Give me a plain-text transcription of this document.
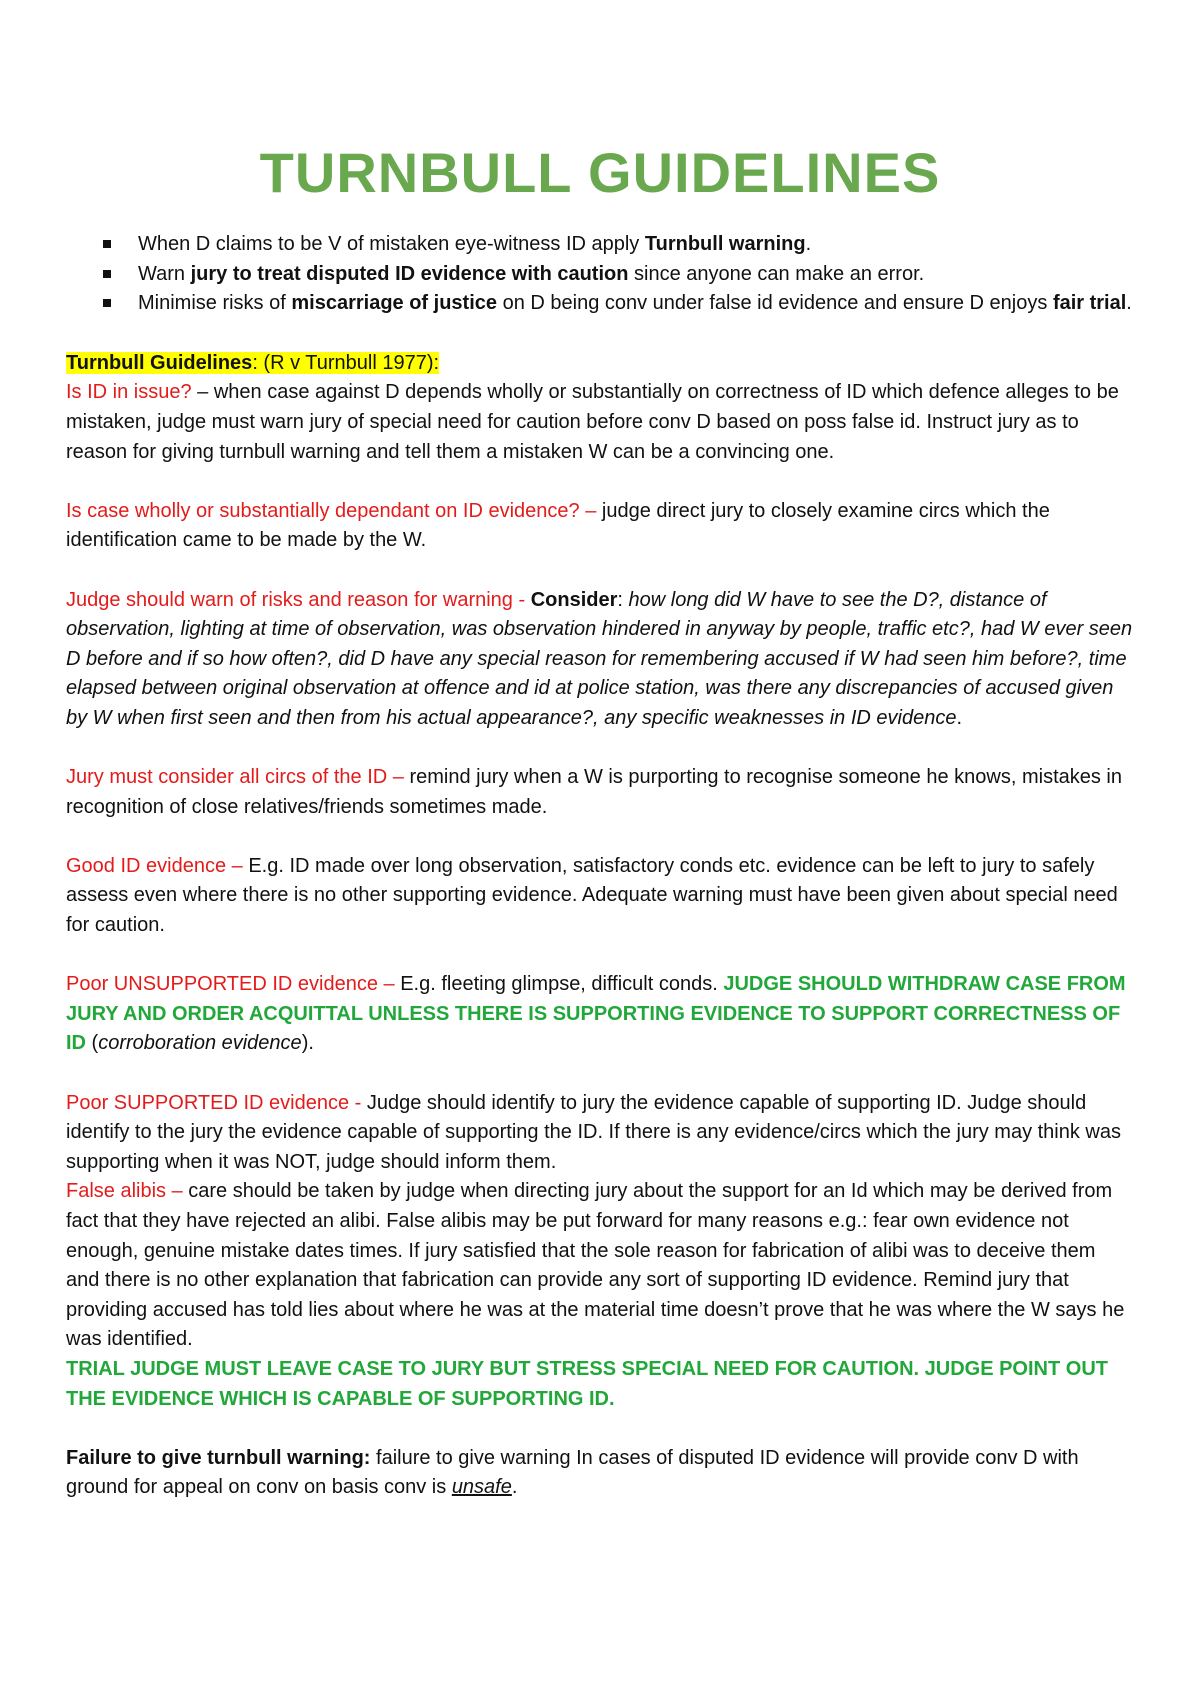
TURNBULL GUIDELINES
When D claims to be V of mistaken eye-witness ID apply Turnbull warning.
Warn jury to treat disputed ID evidence with caution since anyone can make an error.
Minimise risks of miscarriage of justice on D being conv under false id evidence and ensure D enjoys fair trial.

Turnbull Guidelines: (R v Turnbull 1977):

Is ID in issue? – when case against D depends wholly or substantially on correctness of ID which defence alleges to be mistaken, judge must warn jury of special need for caution before conv D based on poss false id. Instruct jury as to reason for giving turnbull warning and tell them a mistaken W can be a convincing one.

Is case wholly or substantially dependant on ID evidence? – judge direct jury to closely examine circs which the identification came to be made by the W.

Judge should warn of risks and reason for warning - Consider: how long did W have to see the D?, distance of observation, lighting at time of observation, was observation hindered in anyway by people, traffic etc?, had W ever seen D before and if so how often?, did D have any special reason for remembering accused if W had seen him before?, time elapsed between original observation at offence and id at police station, was there any discrepancies of accused given by W when first seen and then from his actual appearance?, any specific weaknesses in ID evidence.

Jury must consider all circs of the ID – remind jury when a W is purporting to recognise someone he knows, mistakes in recognition of close relatives/friends sometimes made.

Good ID evidence – E.g. ID made over long observation, satisfactory conds etc. evidence can be left to jury to safely assess even where there is no other supporting evidence. Adequate warning must have been given about special need for caution.

Poor UNSUPPORTED ID evidence – E.g. fleeting glimpse, difficult conds. JUDGE SHOULD WITHDRAW CASE FROM JURY AND ORDER ACQUITTAL UNLESS THERE IS SUPPORTING EVIDENCE TO SUPPORT CORRECTNESS OF ID (corroboration evidence).

Poor SUPPORTED ID evidence - Judge should identify to jury the evidence capable of supporting ID. Judge should identify to the jury the evidence capable of supporting the ID. If there is any evidence/circs which the jury may think was supporting when it was NOT, judge should inform them.

False alibis – care should be taken by judge when directing jury about the support for an Id which may be derived from fact that they have rejected an alibi. False alibis may be put forward for many reasons e.g.: fear own evidence not enough, genuine mistake dates times. If jury satisfied that the sole reason for fabrication of alibi was to deceive them and there is no other explanation that fabrication can provide any sort of supporting ID evidence. Remind jury that providing accused has told lies about where he was at the material time doesn’t prove that he was where the W says he was identified.

TRIAL JUDGE MUST LEAVE CASE TO JURY BUT STRESS SPECIAL NEED FOR CAUTION. JUDGE POINT OUT THE EVIDENCE WHICH IS CAPABLE OF SUPPORTING ID.

Failure to give turnbull warning: failure to give warning In cases of disputed ID evidence will provide conv D with ground for appeal on conv on basis conv is unsafe.
